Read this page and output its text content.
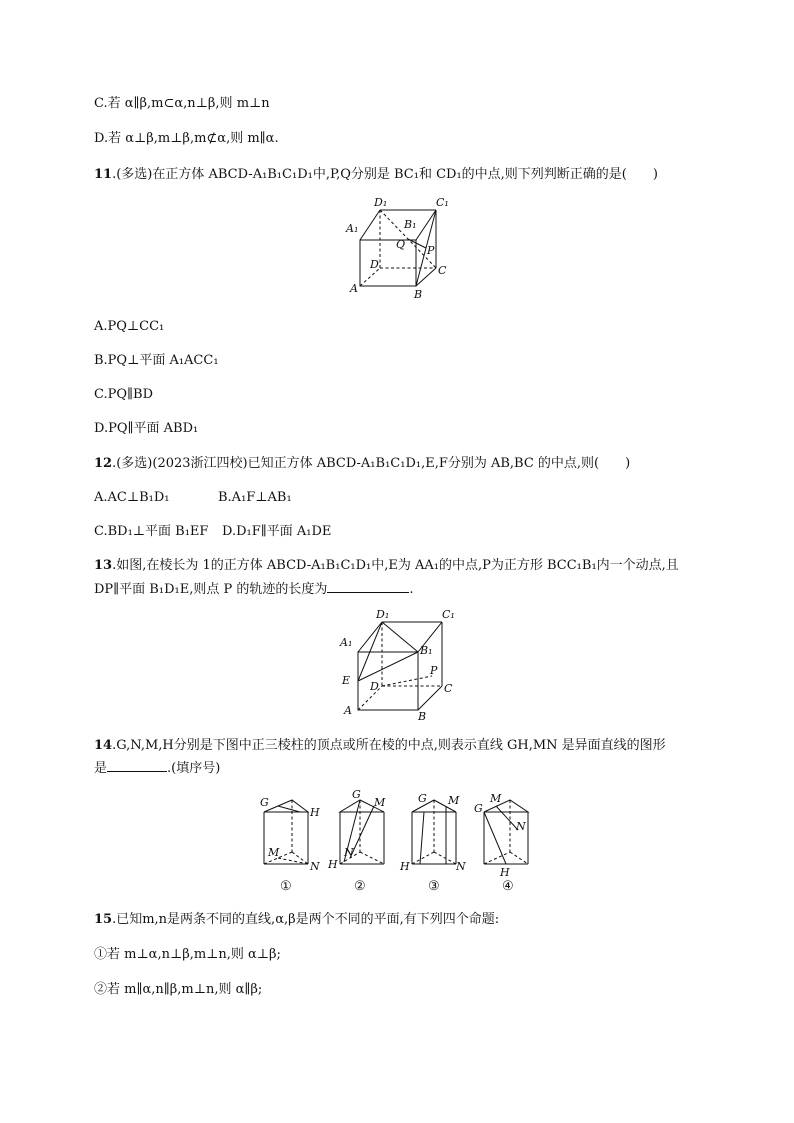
C.若 α∥β,m⊂α,n⊥β,则 m⊥n
D.若 α⊥β,m⊥β,m⊄α,则 m∥α.
11.(多选)在正方体 ABCD-A₁B₁C₁D₁中,P,Q分别是 BC₁和 CD₁的中点,则下列判断正确的是(　　)
D₁	C₁
A₁	B₁
Q P
D	C
A	B
A.PQ⊥CC₁
B.PQ⊥平面 A₁ACC₁
C.PQ∥BD
D.PQ∥平面 ABD₁
12.(多选)(2023浙江四校)已知正方体 ABCD-A₁B₁C₁D₁,E,F分别为 AB,BC 的中点,则(　　)
A.AC⊥B₁D₁	B.A₁F⊥AB₁
C.BD₁⊥平面 B₁EF D.D₁F∥平面 A₁DE
13.如图,在棱长为 1的正方体 ABCD-A₁B₁C₁D₁中,E为 AA₁的中点,P为正方形 BCC₁B₁内一个动点,且
DP∥平面 B₁D₁E,则点 P 的轨迹的长度为	.
D₁	C₁
A₁
B₁
E D
P
C
A	B
14.G,N,M,H分别是下图中正三棱柱的顶点或所在棱的中点,则表示直线 GH,MN 是异面直线的图形
是	.(填序号)
G
H
M
N
①
G
M
N
H
②
G M
H	N
③
G
M
N
H
④
15.已知m,n是两条不同的直线,α,β是两个不同的平面,有下列四个命题:
①若 m⊥α,n⊥β,m⊥n,则 α⊥β;
②若 m∥α,n∥β,m⊥n,则 α∥β;
